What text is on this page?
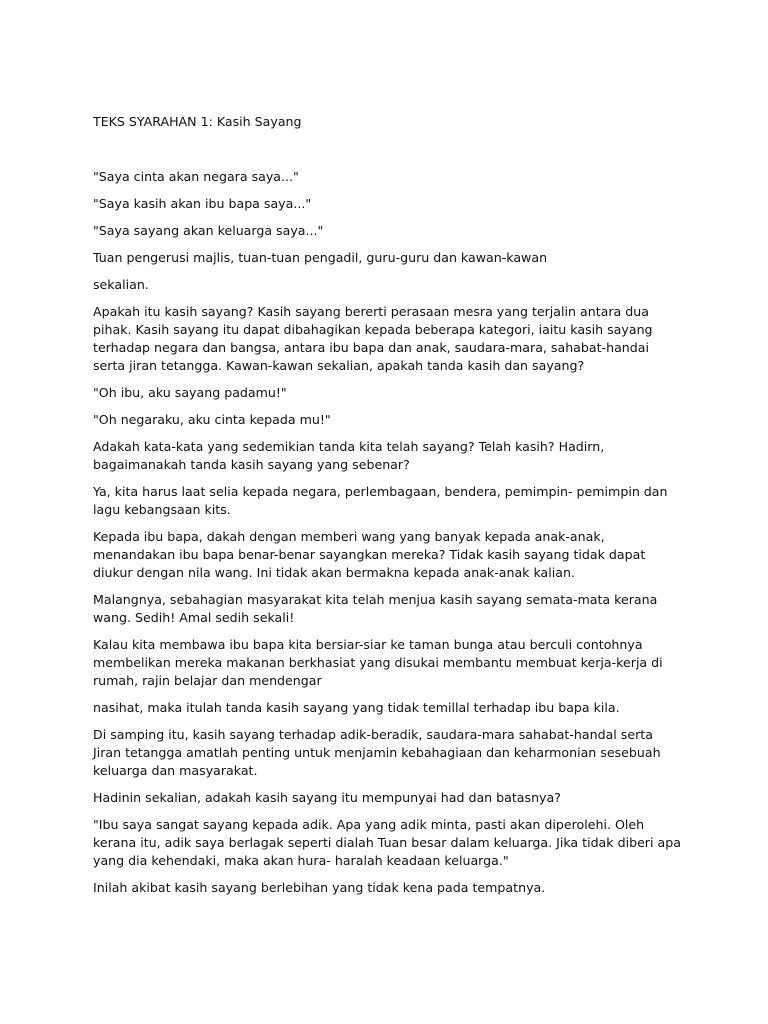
TEKS SYARAHAN 1: Kasih Sayang

"Saya cinta akan negara saya..."

"Saya kasih akan ibu bapa saya..."

"Saya sayang akan keluarga saya..."

Tuan pengerusi majlis, tuan-tuan pengadil, guru-guru dan kawan-kawan

sekalian.

Apakah itu kasih sayang? Kasih sayang bererti perasaan mesra yang terjalin antara dua pihak. Kasih sayang itu dapat dibahagikan kepada beberapa kategori, iaitu kasih sayang terhadap negara dan bangsa, antara ibu bapa dan anak, saudara-mara, sahabat-handai serta jiran tetangga. Kawan-kawan sekalian, apakah tanda kasih dan sayang?

"Oh ibu, aku sayang padamu!"

"Oh negaraku, aku cinta kepada mu!"

Adakah kata-kata yang sedemikian tanda kita telah sayang? Telah kasih? Hadirn, bagaimanakah tanda kasih sayang yang sebenar?

Ya, kita harus laat selia kepada negara, perlembagaan, bendera, pemimpin- pemimpin dan lagu kebangsaan kits.

Kepada ibu bapa, dakah dengan memberi wang yang banyak kepada anak-anak, menandakan ibu bapa benar-benar sayangkan mereka? Tidak kasih sayang tidak dapat diukur dengan nila wang. Ini tidak akan bermakna kepada anak-anak kalian.

Malangnya, sebahagian masyarakat kita telah menjua kasih sayang semata-mata kerana wang. Sedih! Amal sedih sekali!

Kalau kita membawa ibu bapa kita bersiar-siar ke taman bunga atau berculi contohnya membelikan mereka makanan berkhasiat yang disukai membantu membuat kerja-kerja di rumah, rajin belajar dan mendengar

nasihat, maka itulah tanda kasih sayang yang tidak temillal terhadap ibu bapa kila.

Di samping itu, kasih sayang terhadap adik-beradik, saudara-mara sahabat-handal serta Jiran tetangga amatlah penting untuk menjamin kebahagiaan dan keharmonian sesebuah keluarga dan masyarakat.

Hadinin sekalian, adakah kasih sayang itu mempunyai had dan batasnya?

"Ibu saya sangat sayang kepada adik. Apa yang adik minta, pasti akan diperolehi. Oleh kerana itu, adik saya berlagak seperti dialah Tuan besar dalam keluarga. Jika tidak diberi apa yang dia kehendaki, maka akan hura- haralah keadaan keluarga."

Inilah akibat kasih sayang berlebihan yang tidak kena pada tempatnya.
